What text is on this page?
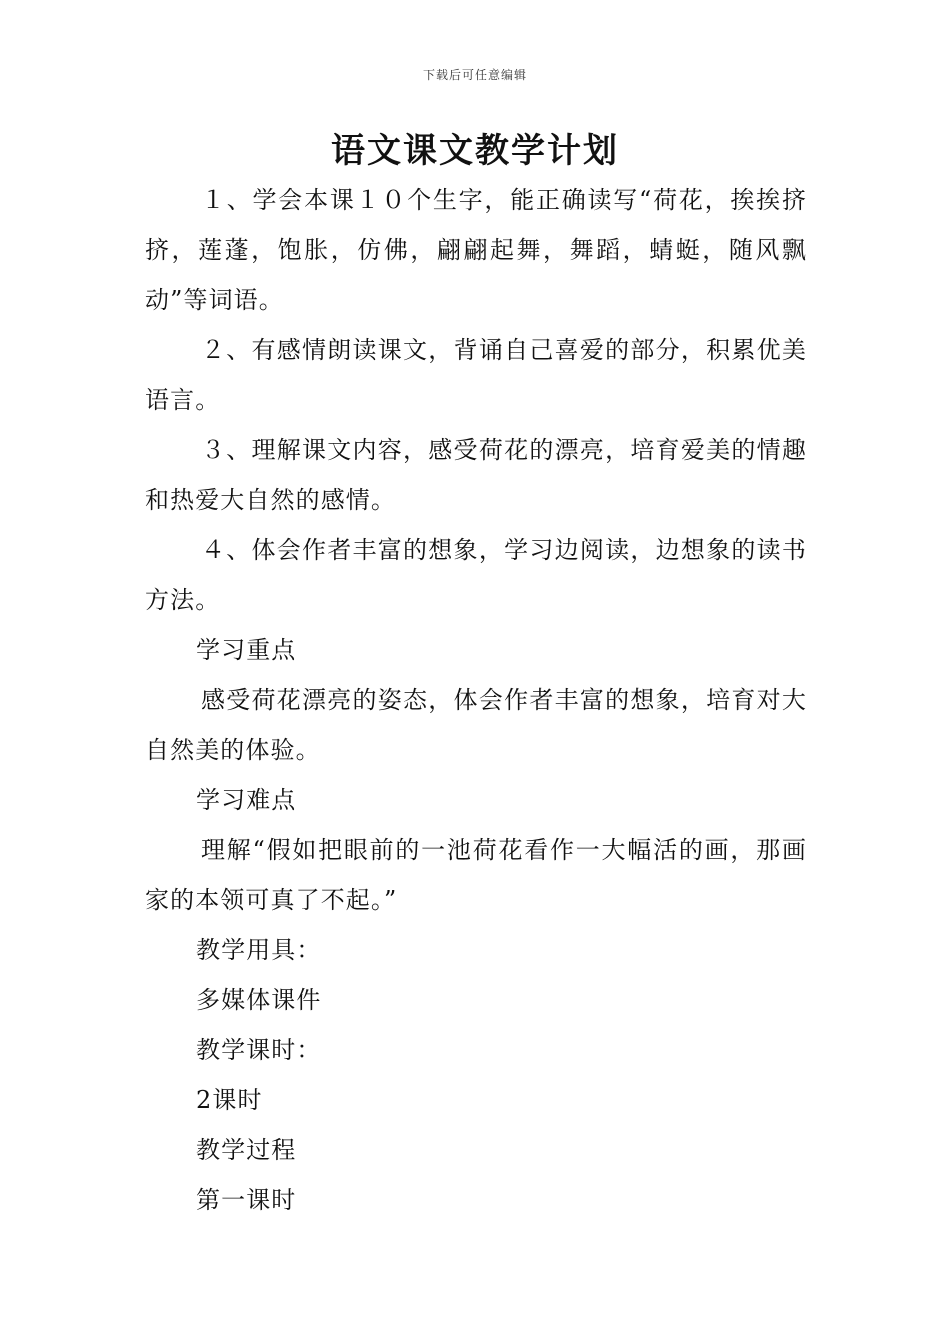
下载后可任意编辑
语文课文教学计划

１、学会本课１０个生字，能正确读写“荷花，挨挨挤挤，莲蓬，饱胀，仿佛，翩翩起舞，舞蹈，蜻蜓，随风飘动”等词语。

２、有感情朗读课文，背诵自己喜爱的部分，积累优美语言。

３、理解课文内容，感受荷花的漂亮，培育爱美的情趣和热爱大自然的感情。

４、体会作者丰富的想象，学习边阅读，边想象的读书方法。

学习重点

感受荷花漂亮的姿态，体会作者丰富的想象，培育对大自然美的体验。

学习难点

理解“假如把眼前的一池荷花看作一大幅活的画，那画家的本领可真了不起。”

教学用具：

多媒体课件

教学课时：

2课时

教学过程

第一课时
